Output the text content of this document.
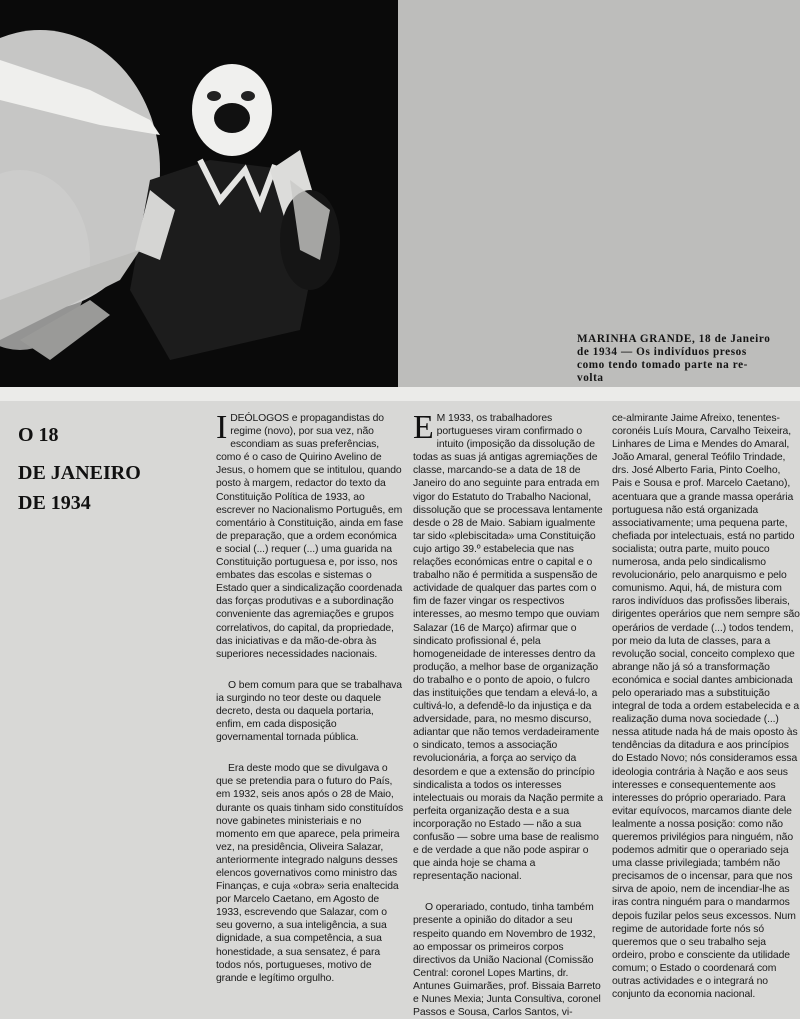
MARINHA GRANDE, 18 de Janeiro
de 1934 — Os indivíduos presos
como tendo tomado parte na re-
volta
O 18
DE JANEIRO
DE 1934

IDEÓLOGOS e propagandistas do regime (novo), por sua vez, não escondiam as suas preferências, como é o caso de Quirino Avelino de Jesus, o homem que se intitulou, quando posto à margem, redactor do texto da Constituição Política de 1933, ao escrever no Nacionalismo Português, em comentário à Constituição, ainda em fase de preparação, que a ordem económica e social (...) requer (...) uma guarida na Constituição portuguesa e, por isso, nos embates das escolas e sistemas o Estado quer a sindicalização coordenada das forças produtivas e a subordinação conveniente das agremiações e grupos correlativos, do capital, da propriedade, das iniciativas e da mão-de-obra às superiores necessidades nacionais.

O bem comum para que se trabalhava ia surgindo no teor deste ou daquele decreto, desta ou daquela portaria, enfim, em cada disposição governamental tornada pública.

Era deste modo que se divulgava o que se pretendia para o futuro do País, em 1932, seis anos após o 28 de Maio, durante os quais tinham sido constituídos nove gabinetes ministeriais e no momento em que aparece, pela primeira vez, na presidência, Oliveira Salazar, anteriormente integrado nalguns desses elencos governativos como ministro das Finanças, e cuja «obra» seria enaltecida por Marcelo Caetano, em Agosto de 1933, escrevendo que Salazar, com o seu governo, a sua inteligência, a sua dignidade, a sua competência, a sua honestidade, a sua sensatez, é para todos nós, portugueses, motivo de grande e legítimo orgulho.

E M 1933, os trabalhadores portugueses viram confirmado o intuito (imposição da dissolução de todas as suas já antigas agremiações de classe, marcando-se a data de 18 de Janeiro do ano seguinte para entrada em vigor do Estatuto do Trabalho Nacional, dissolução que se processava lentamente desde o 28 de Maio. Sabiam igualmente tar sido «plebiscitada» uma Constituição cujo artigo 39.º estabelecia que nas relações económicas entre o capital e o trabalho não é permitida a suspensão de actividade de qualquer das partes com o fim de fazer vingar os respectivos interesses, ao mesmo tempo que ouviam Salazar (16 de Março) afirmar que o sindicato profissional é, pela homogeneidade de interesses dentro da produção, a melhor base de organização do trabalho e o ponto de apoio, o fulcro das instituições que tendam a elevá-lo, a cultivá-lo, a defendê-lo da injustiça e da adversidade, para, no mesmo discurso, adiantar que não temos verdadeiramente o sindicato, temos a associação revolucionária, a força ao serviço da desordem e que a extensão do princípio sindicalista a todos os interesses intelectuais ou morais da Nação permite a perfeita organização desta e a sua incorporação no Estado — não a sua confusão — sobre uma base de realismo e de verdade a que não pode aspirar o que ainda hoje se chama a representação nacional.

O operariado, contudo, tinha também presente a opinião do ditador a seu respeito quando em Novembro de 1932, ao empossar os primeiros corpos directivos da União Nacional (Comissão Central: coronel Lopes Martins, dr. Antunes Guimarães, prof. Bissaia Barreto e Nunes Mexia; Junta Consultiva, coronel Passos e Sousa, Carlos Santos, vi-

ce-almirante Jaime Afreixo, tenentes-coronéis Luís Moura, Carvalho Teixeira, Linhares de Lima e Mendes do Amaral, João Amaral, general Teófilo Trindade, drs. José Alberto Faria, Pinto Coelho, Pais e Sousa e prof. Marcelo Caetano), acentuara que a grande massa operária portuguesa não está organizada associativamente; uma pequena parte, chefiada por intelectuais, está no partido socialista; outra parte, muito pouco numerosa, anda pelo sindicalismo revolucionário, pelo anarquismo e pelo comunismo. Aqui, há, de mistura com raros indivíduos das profissões liberais, dirigentes operários que nem sempre são operários de verdade (...) todos tendem, por meio da luta de classes, para a revolução social, conceito complexo que abrange não já só a transformação económica e social dantes ambicionada pelo operariado mas a substituição integral de toda a ordem estabelecida e a realização duma nova sociedade (...) nessa atitude nada há de mais oposto às tendências da ditadura e aos princípios do Estado Novo; nós consideramos essa ideologia contrária à Nação e aos seus interesses e consequentemente aos interesses do próprio operariado. Para evitar equívocos, marcamos diante dele lealmente a nossa posição: como não queremos privilégios para ninguém, não podemos admitir que o operariado seja uma classe privilegiada; também não precisamos de o incensar, para que nos sirva de apoio, nem de incendiar-lhe as iras contra ninguém para o mandarmos depois fuzilar pelos seus excessos. Num regime de autoridade forte nós só queremos que o seu trabalho seja ordeiro, probo e consciente da utilidade comum; o Estado o coordenará com outras actividades e o integrará no conjunto da economia nacional.
